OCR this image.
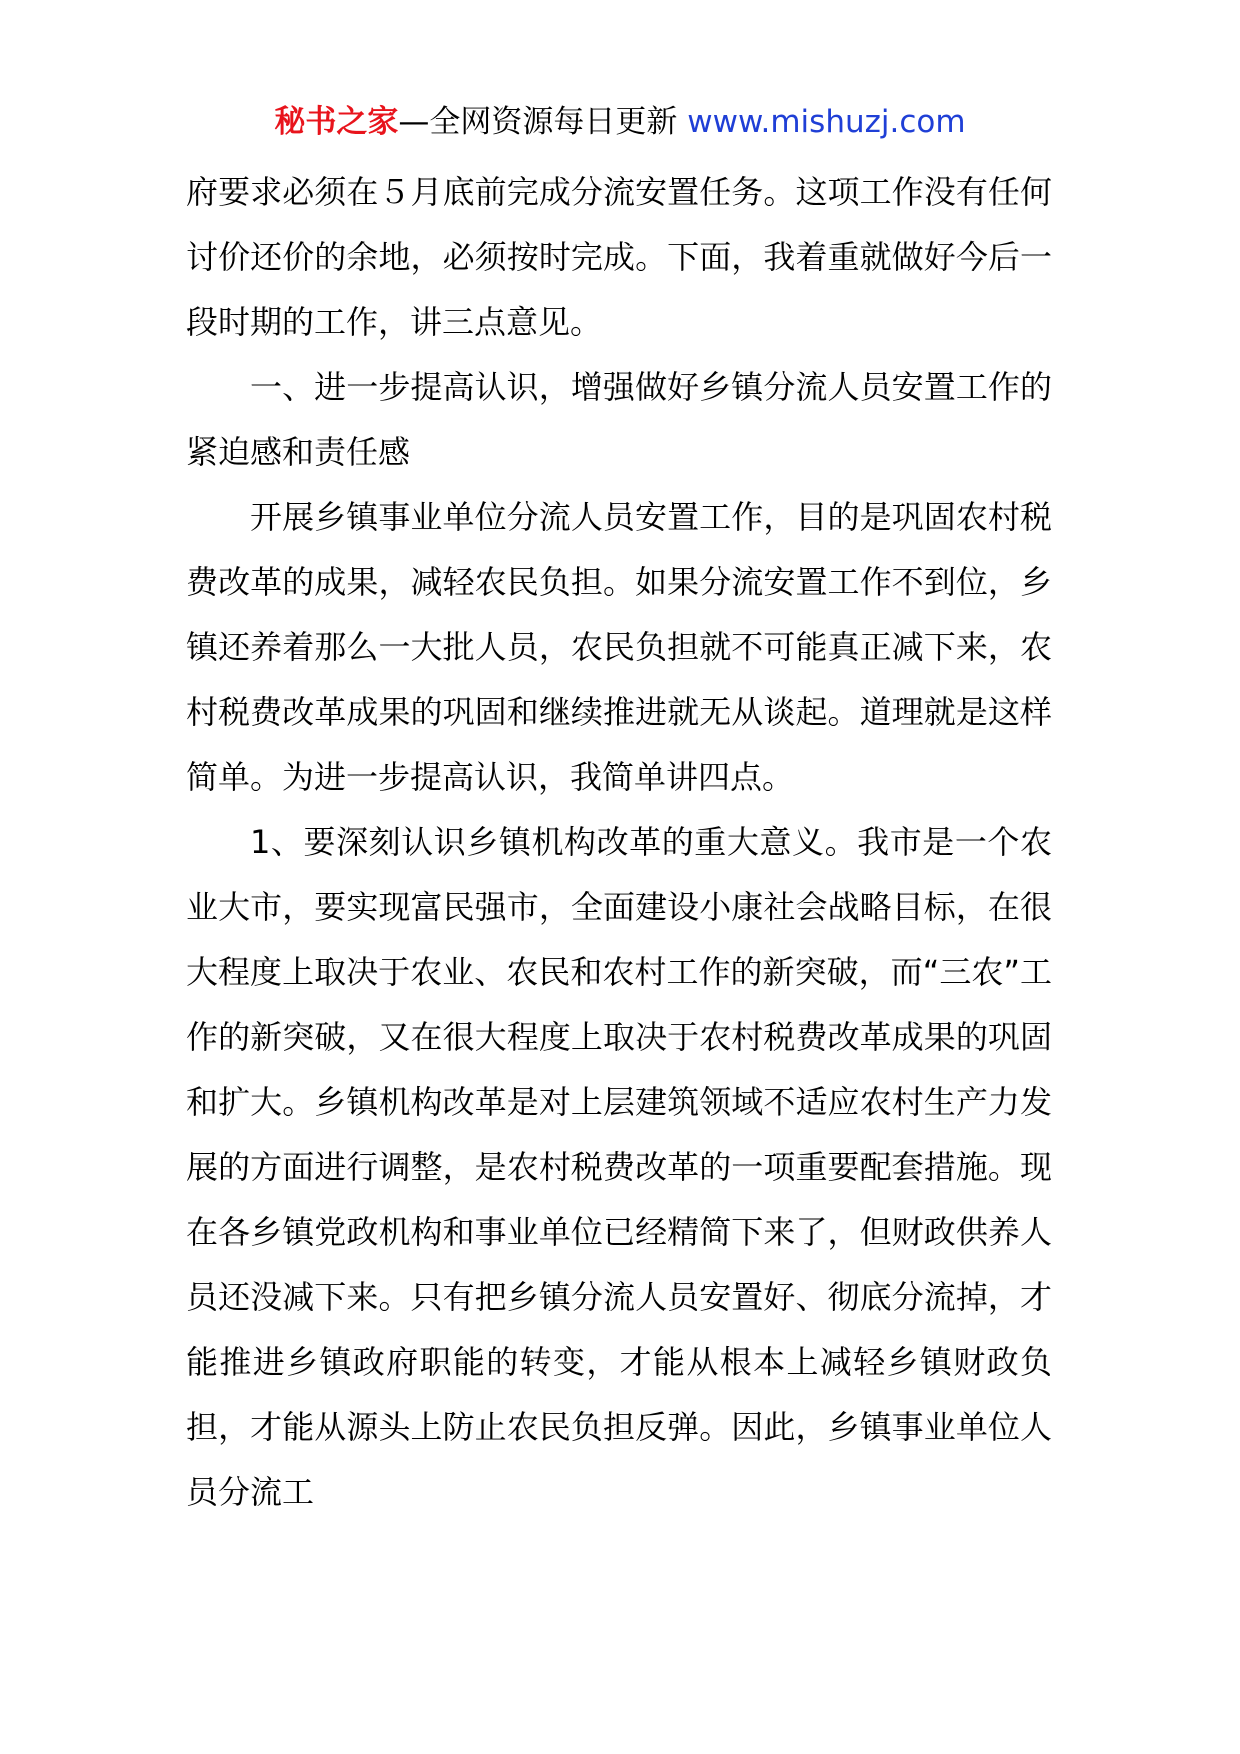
秘书之家—全网资源每日更新 www.mishuzj.com

府要求必须在５月底前完成分流安置任务。这项工作没有任何讨价还价的余地，必须按时完成。下面，我着重就做好今后一段时期的工作，讲三点意见。

一、进一步提高认识，增强做好乡镇分流人员安置工作的紧迫感和责任感

开展乡镇事业单位分流人员安置工作，目的是巩固农村税费改革的成果，减轻农民负担。如果分流安置工作不到位，乡镇还养着那么一大批人员，农民负担就不可能真正减下来，农村税费改革成果的巩固和继续推进就无从谈起。道理就是这样简单。为进一步提高认识，我简单讲四点。

1、要深刻认识乡镇机构改革的重大意义。我市是一个农业大市，要实现富民强市，全面建设小康社会战略目标，在很大程度上取决于农业、农民和农村工作的新突破，而“三农”工作的新突破，又在很大程度上取决于农村税费改革成果的巩固和扩大。乡镇机构改革是对上层建筑领域不适应农村生产力发展的方面进行调整，是农村税费改革的一项重要配套措施。现在各乡镇党政机构和事业单位已经精简下来了，但财政供养人员还没减下来。只有把乡镇分流人员安置好、彻底分流掉，才能推进乡镇政府职能的转变，才能从根本上减轻乡镇财政负担，才能从源头上防止农民负担反弹。因此，乡镇事业单位人员分流工
